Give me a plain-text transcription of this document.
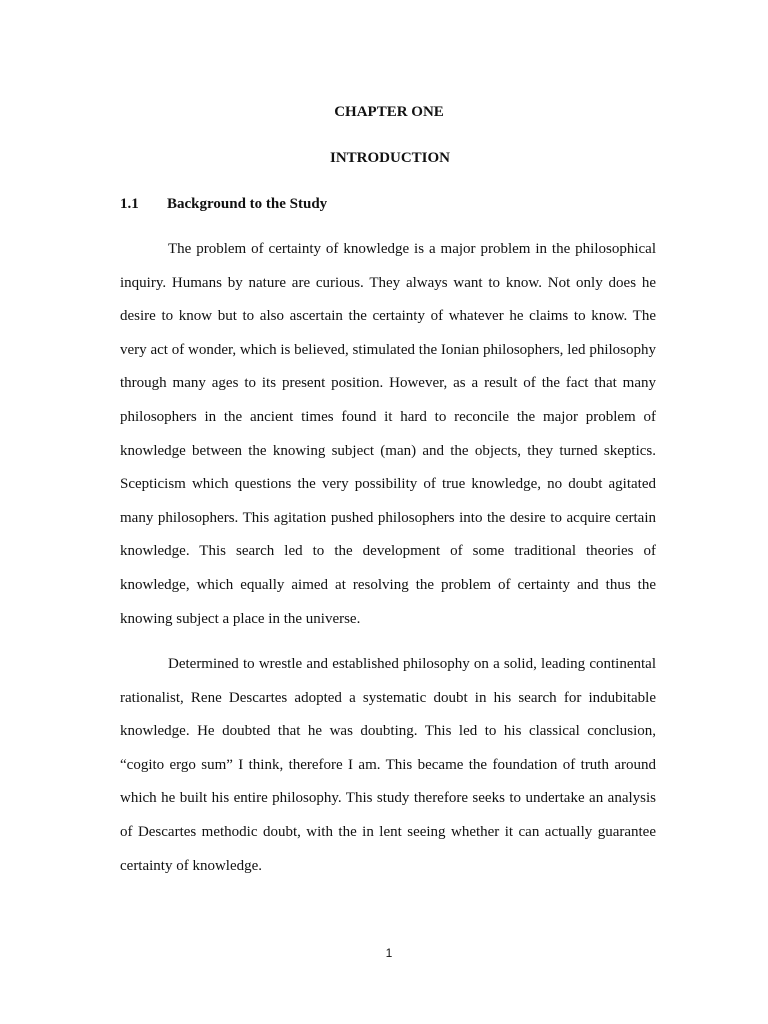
CHAPTER ONE
INTRODUCTION
1.1 Background to the Study

The problem of certainty of knowledge is a major problem in the philosophical inquiry. Humans by nature are curious. They always want to know. Not only does he desire to know but to also ascertain the certainty of whatever he claims to know. The very act of wonder, which is believed, stimulated the Ionian philosophers, led philosophy through many ages to its present position. However, as a result of the fact that many philosophers in the ancient times found it hard to reconcile the major problem of knowledge between the knowing subject (man) and the objects, they turned skeptics. Scepticism which questions the very possibility of true knowledge, no doubt agitated many philosophers. This agitation pushed philosophers into the desire to acquire certain knowledge. This search led to the development of some traditional theories of knowledge, which equally aimed at resolving the problem of certainty and thus the knowing subject a place in the universe.

Determined to wrestle and established philosophy on a solid, leading continental rationalist, Rene Descartes adopted a systematic doubt in his search for indubitable knowledge. He doubted that he was doubting. This led to his classical conclusion, “cogito ergo sum” I think, therefore I am. This became the foundation of truth around which he built his entire philosophy. This study therefore seeks to undertake an analysis of Descartes methodic doubt, with the in lent seeing whether it can actually guarantee certainty of knowledge.

1
